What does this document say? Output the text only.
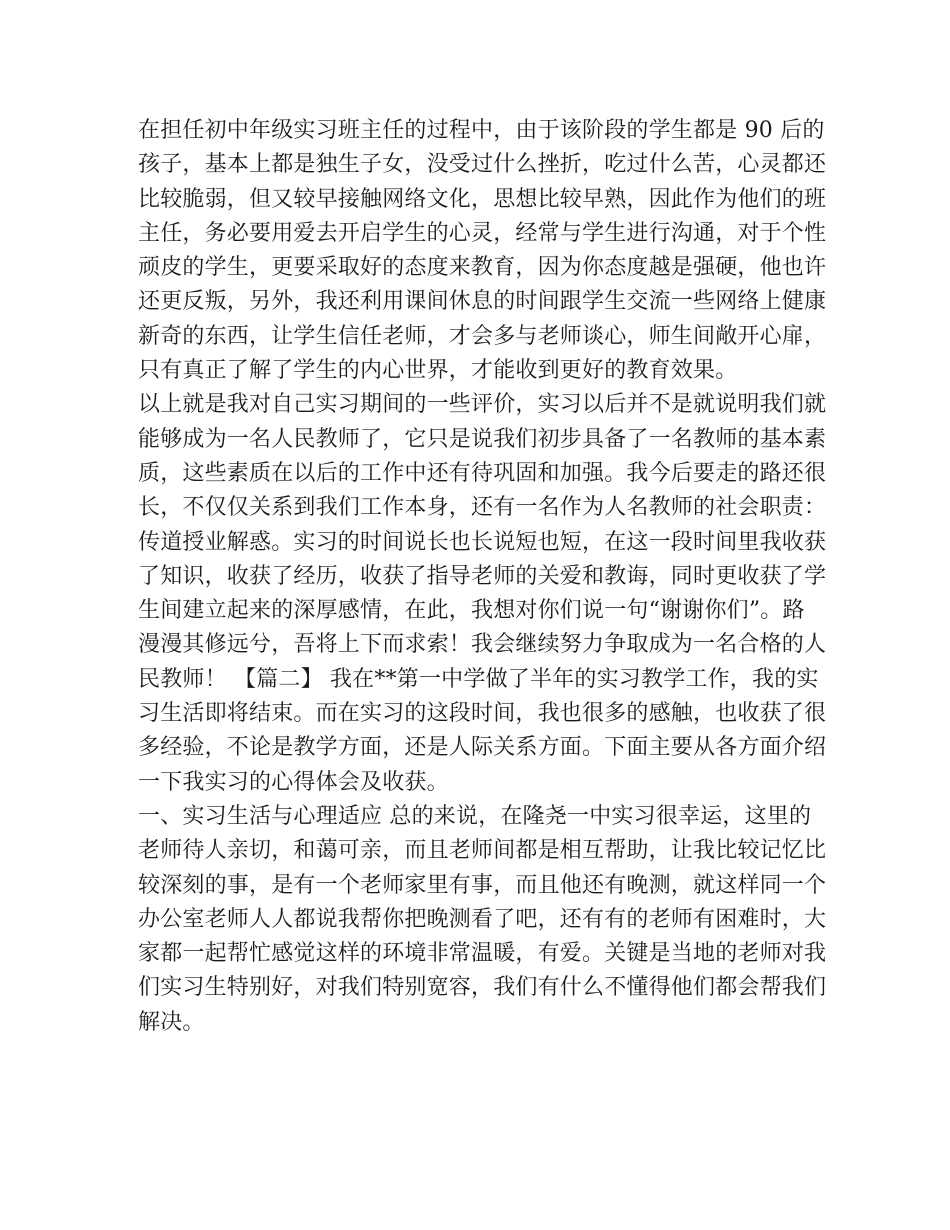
在担任初中年级实习班主任的过程中，由于该阶段的学生都是 90 后的
孩子，基本上都是独生子女，没受过什么挫折，吃过什么苦，心灵都还
比较脆弱，但又较早接触网络文化，思想比较早熟，因此作为他们的班
主任，务必要用爱去开启学生的心灵，经常与学生进行沟通，对于个性
顽皮的学生，更要采取好的态度来教育，因为你态度越是强硬，他也许
还更反叛，另外，我还利用课间休息的时间跟学生交流一些网络上健康
新奇的东西，让学生信任老师，才会多与老师谈心，师生间敞开心扉，
只有真正了解了学生的内心世界，才能收到更好的教育效果。
以上就是我对自己实习期间的一些评价，实习以后并不是就说明我们就
能够成为一名人民教师了，它只是说我们初步具备了一名教师的基本素
质，这些素质在以后的工作中还有待巩固和加强。我今后要走的路还很
长，不仅仅关系到我们工作本身，还有一名作为人名教师的社会职责：
传道授业解惑。实习的时间说长也长说短也短，在这一段时间里我收获
了知识，收获了经历，收获了指导老师的关爱和教诲，同时更收获了学
生间建立起来的深厚感情，在此，我想对你们说一句“谢谢你们”。路
漫漫其修远兮，吾将上下而求索！我会继续努力争取成为一名合格的人
民教师！ 【篇二】 我在**第一中学做了半年的实习教学工作，我的实
习生活即将结束。而在实习的这段时间，我也很多的感触，也收获了很
多经验，不论是教学方面，还是人际关系方面。下面主要从各方面介绍
一下我实习的心得体会及收获。
一、实习生活与心理适应 总的来说，在隆尧一中实习很幸运，这里的
老师待人亲切，和蔼可亲，而且老师间都是相互帮助，让我比较记忆比
较深刻的事，是有一个老师家里有事，而且他还有晚测，就这样同一个
办公室老师人人都说我帮你把晚测看了吧，还有有的老师有困难时，大
家都一起帮忙感觉这样的环境非常温暖，有爱。关键是当地的老师对我
们实习生特别好，对我们特别宽容，我们有什么不懂得他们都会帮我们
解决。
